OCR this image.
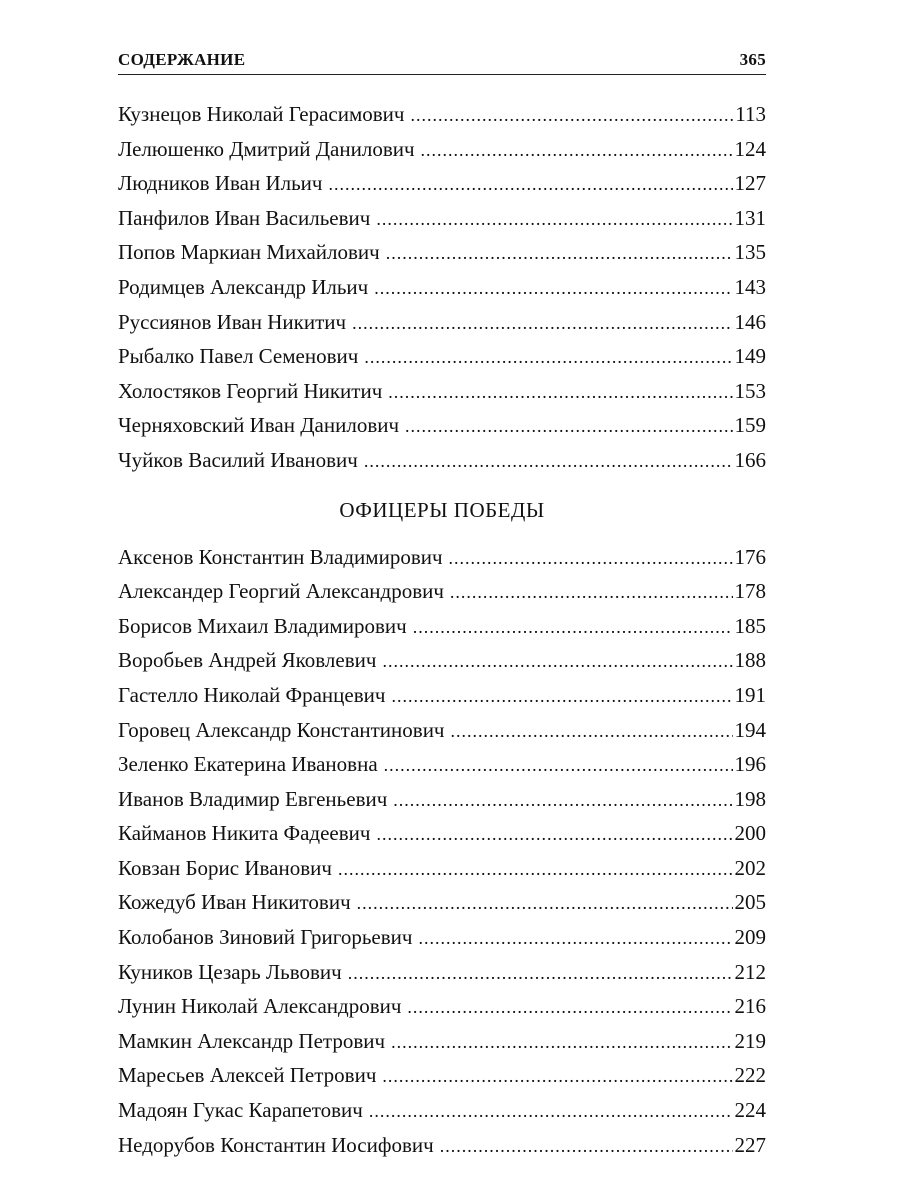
СОДЕРЖАНИЕ	365
Кузнецов Николай Герасимович .....	113
Лелюшенко Дмитрий Данилович .....	124
Людников Иван Ильич .....	127
Панфилов Иван Васильевич .....	131
Попов Маркиан Михайлович .....	135
Родимцев Александр Ильич .....	143
Руссиянов Иван Никитич .....	146
Рыбалко Павел Семенович .....	149
Холостяков Георгий Никитич .....	153
Черняховский Иван Данилович .....	159
Чуйков Василий Иванович .....	166
ОФИЦЕРЫ ПОБЕДЫ
Аксенов Константин Владимирович .....	176
Александер Георгий Александрович .....	178
Борисов Михаил Владимирович .....	185
Воробьев Андрей Яковлевич .....	188
Гастелло Николай Францевич .....	191
Горовец Александр Константинович .....	194
Зеленко Екатерина Ивановна .....	196
Иванов Владимир Евгеньевич .....	198
Кайманов Никита Фадеевич .....	200
Ковзан Борис Иванович .....	202
Кожедуб Иван Никитович .....	205
Колобанов Зиновий Григорьевич .....	209
Куников Цезарь Львович .....	212
Лунин Николай Александрович .....	216
Мамкин Александр Петрович .....	219
Маресьев Алексей Петрович .....	222
Мадоян Гукас Карапетович .....	224
Недорубов Константин Иосифович .....	227
